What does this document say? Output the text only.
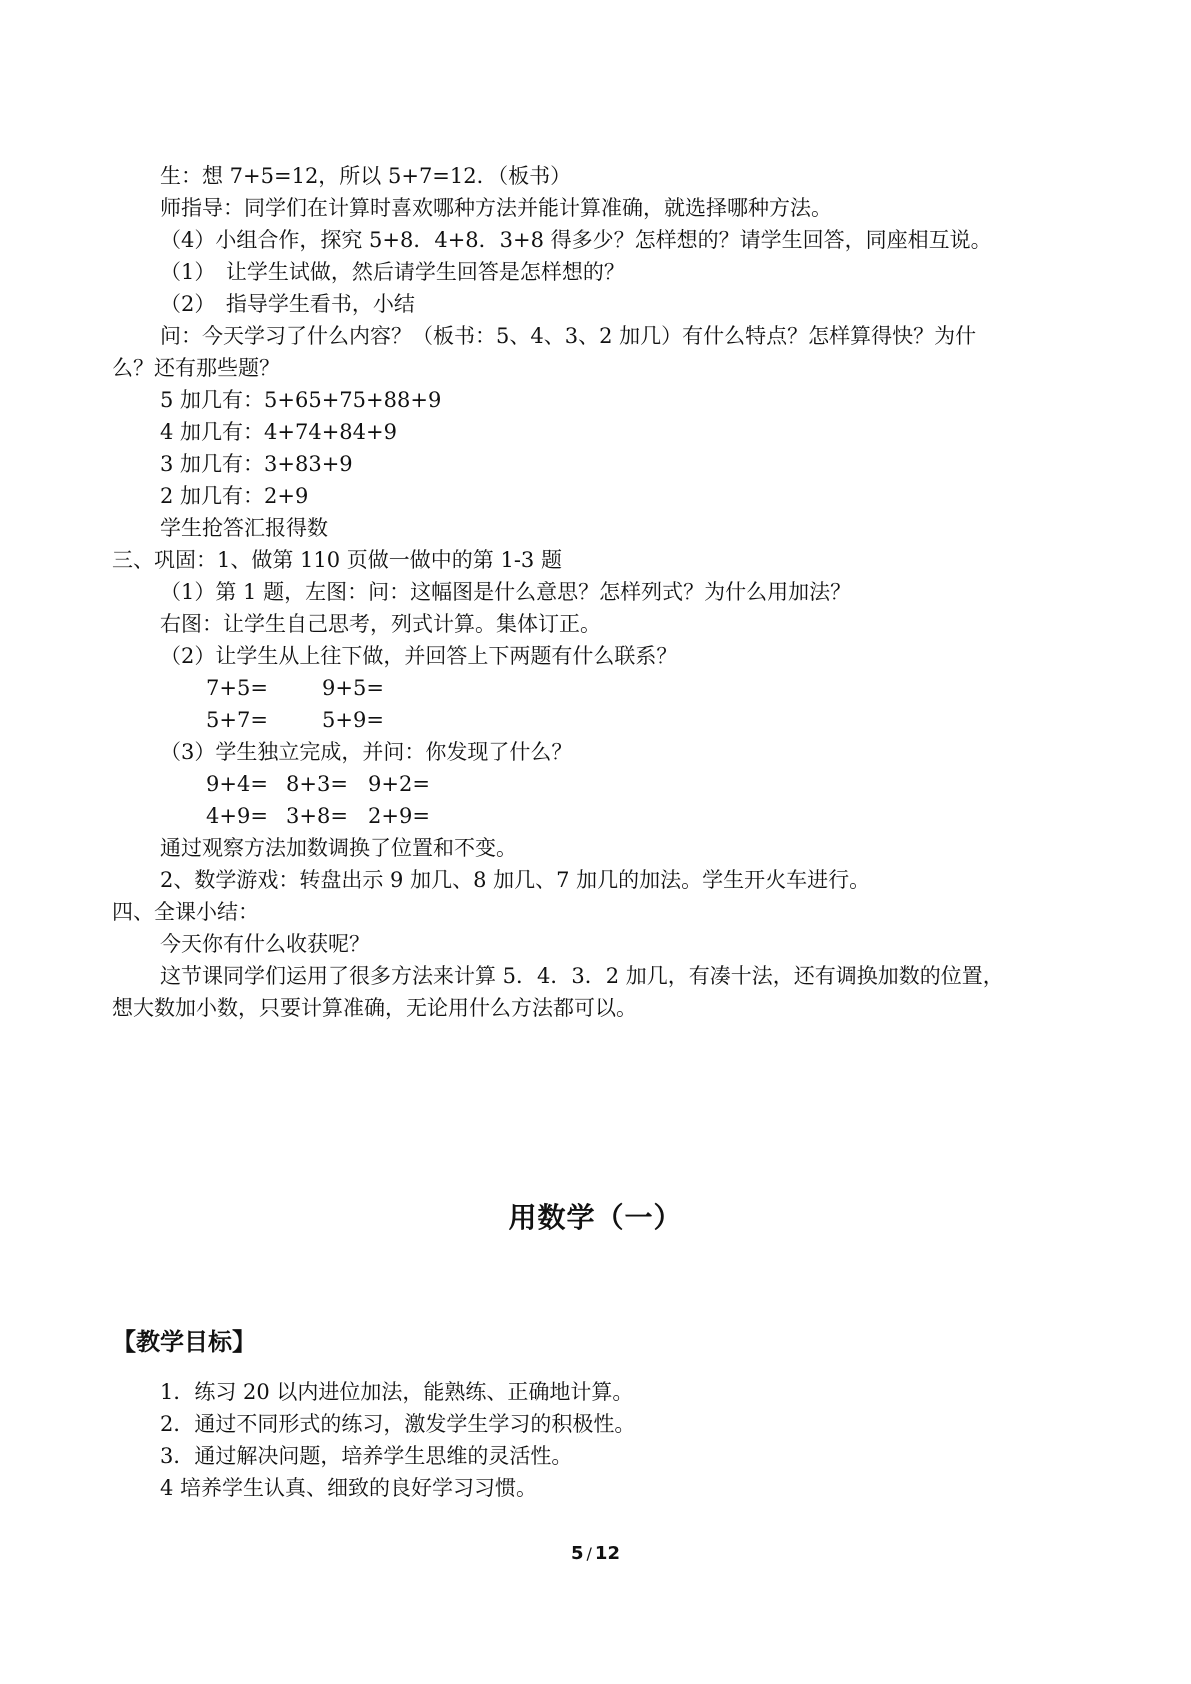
生：想 7+5=12，所以 5+7=12．（板书）
师指导：同学们在计算时喜欢哪种方法并能计算准确，就选择哪种方法。
（4）小组合作，探究 5+8．4+8．3+8 得多少？怎样想的？请学生回答，同座相互说。
（1）　让学生试做，然后请学生回答是怎样想的？
（2）　指导学生看书，小结
问：今天学习了什么内容？（板书：5、4、3、2 加几）有什么特点？怎样算得快？为什
么？还有那些题？
5 加几有：5+65+75+88+9
4 加几有：4+74+84+9
3 加几有：3+83+9
2 加几有：2+9
学生抢答汇报得数
三、巩固：1、做第 110 页做一做中的第 1-3 题
（1）第 1 题，左图：问：这幅图是什么意思？怎样列式？为什么用加法？
右图：让学生自己思考，列式计算。集体订正。
（2）让学生从上往下做，并回答上下两题有什么联系？
7+5=	9+5=
5+7=	5+9=
（3）学生独立完成，并问：你发现了什么？
9+4= 8+3= 9+2=
4+9= 3+8= 2+9=
通过观察方法加数调换了位置和不变。
2、数学游戏：转盘出示 9 加几、8 加几、7 加几的加法。学生开火车进行。
四、全课小结：
今天你有什么收获呢？
这节课同学们运用了很多方法来计算 5．4．3．2 加几，有凑十法，还有调换加数的位置，
想大数加小数，只要计算准确，无论用什么方法都可以。
用数学（一）
【教学目标】
1．练习 20 以内进位加法，能熟练、正确地计算。
2．通过不同形式的练习，激发学生学习的积极性。
3．通过解决问题，培养学生思维的灵活性。
4 培养学生认真、细致的良好学习习惯。
5 / 12
